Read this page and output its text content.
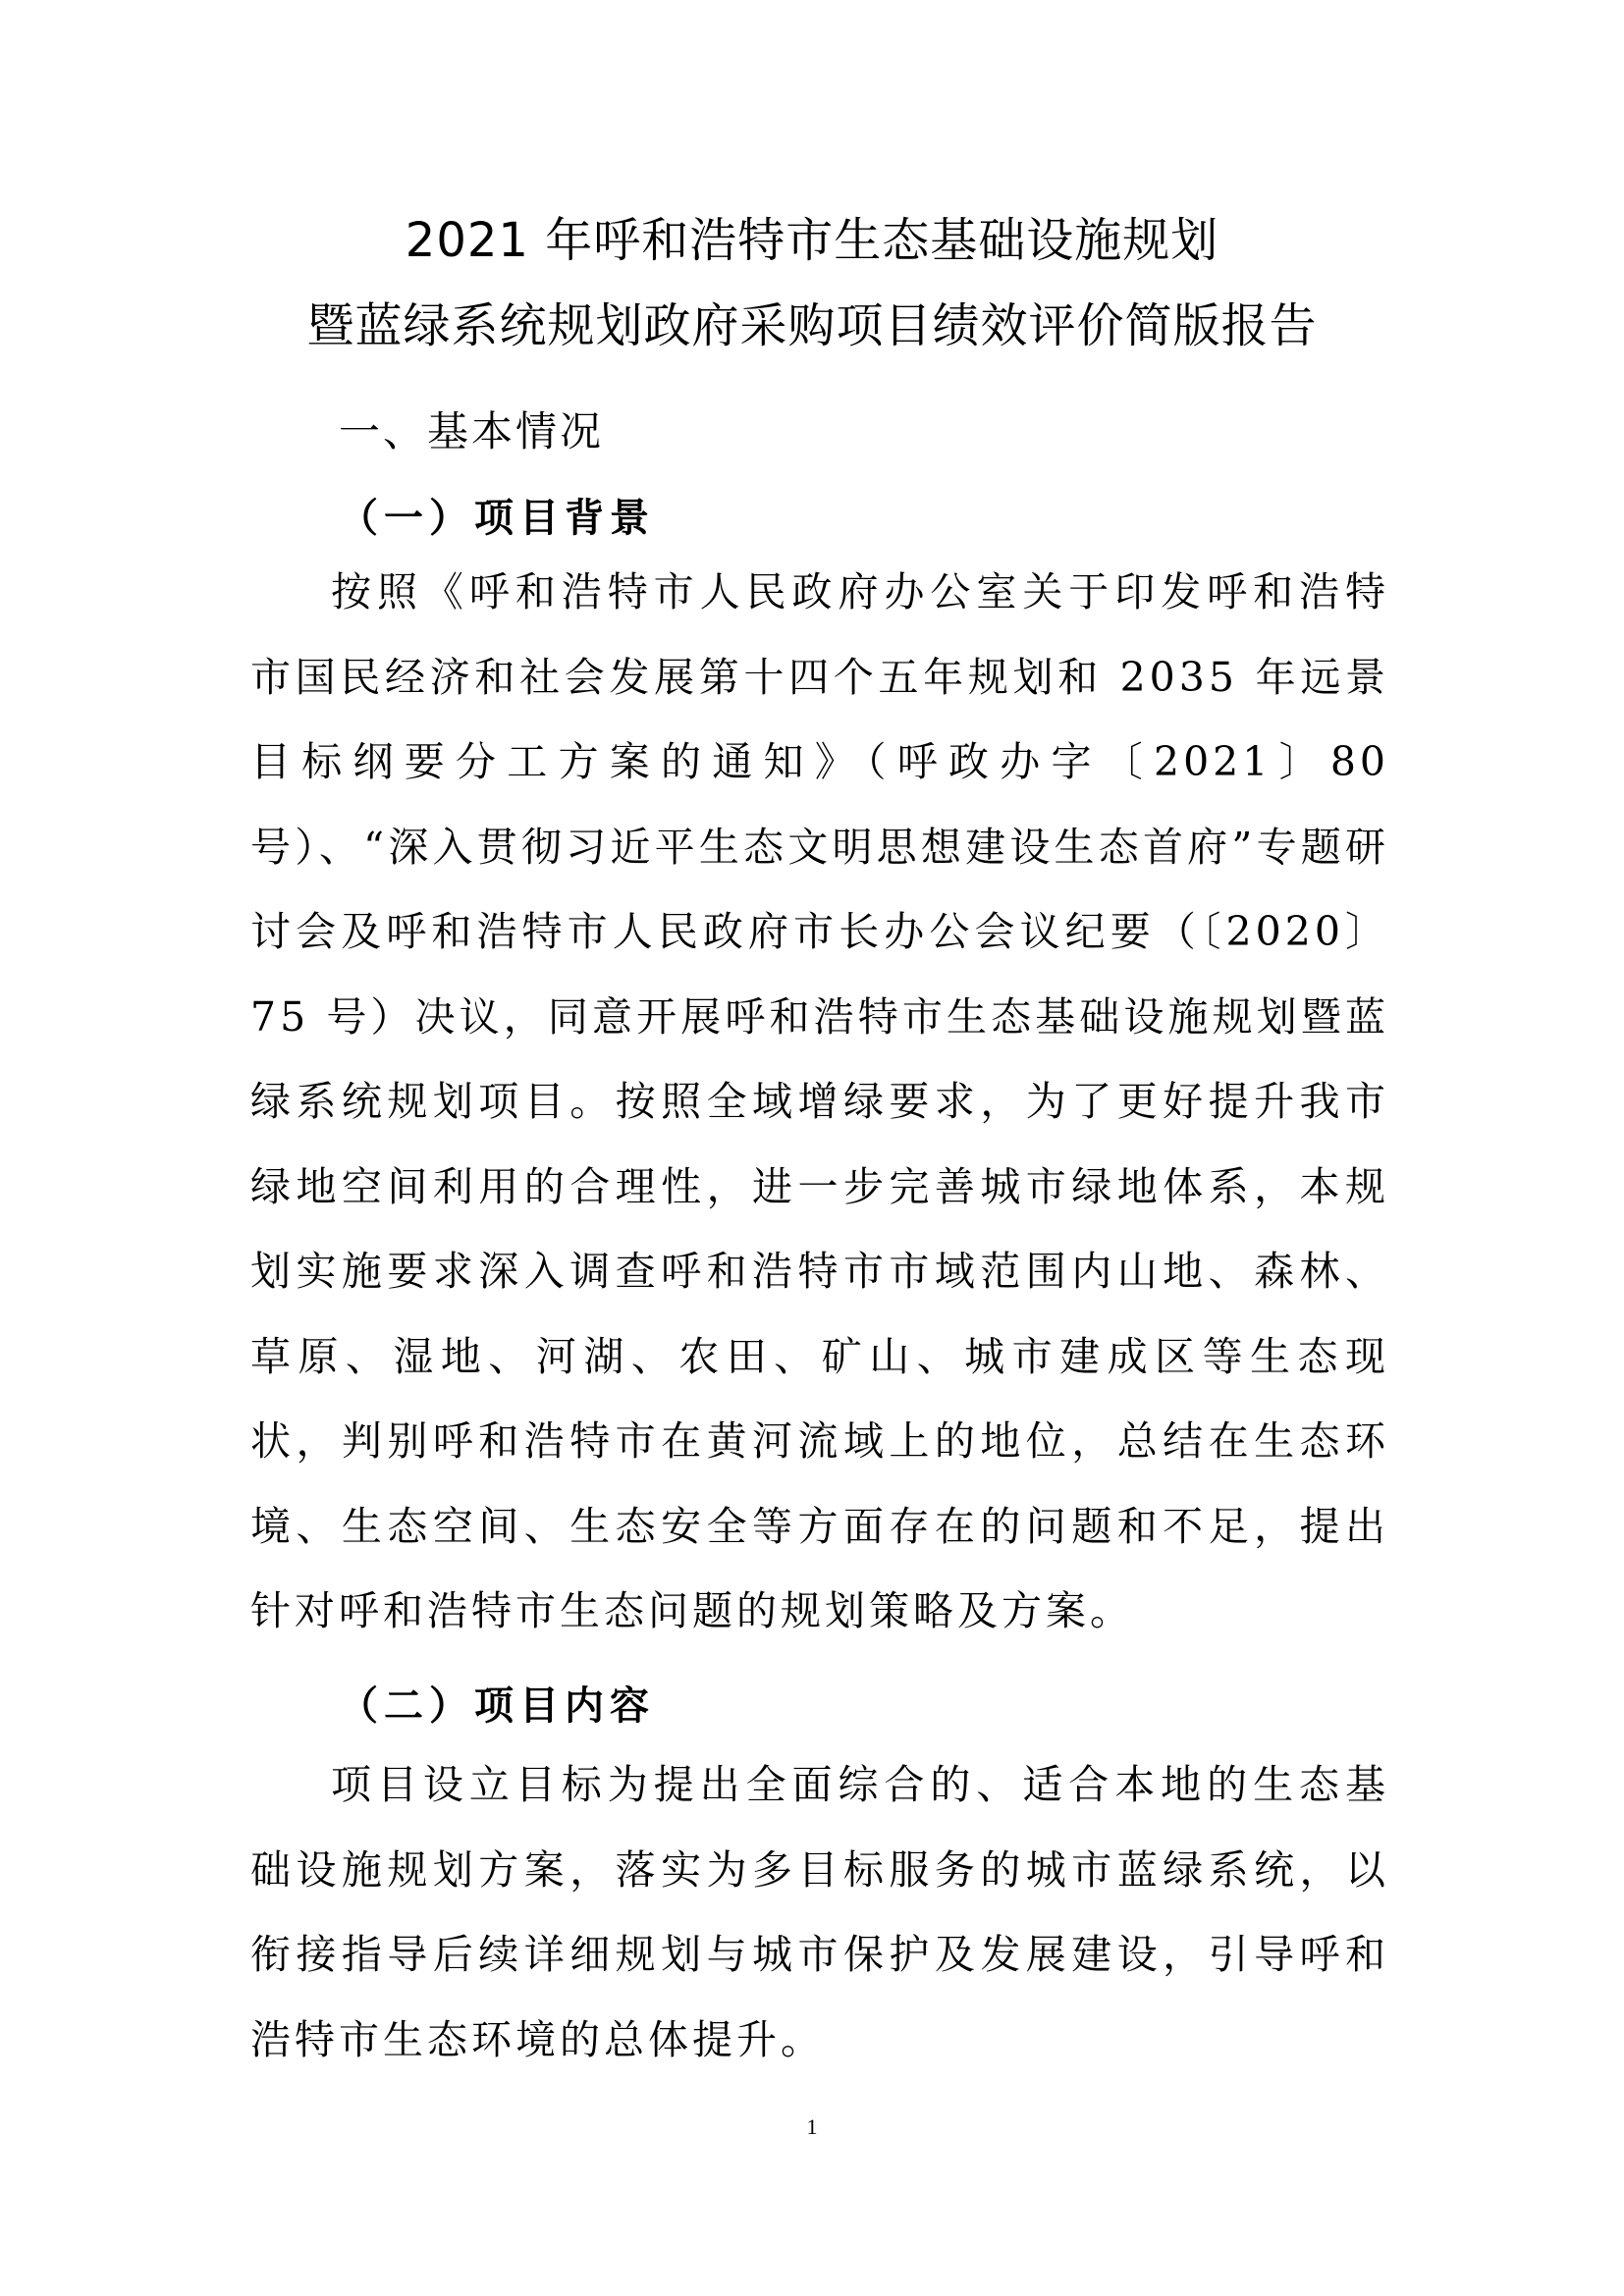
2021 年呼和浩特市生态基础设施规划
暨蓝绿系统规划政府采购项目绩效评价简版报告
一、基本情况
（一）项目背景

按照《呼和浩特市人民政府办公室关于印发呼和浩特市国民经济和社会发展第十四个五年规划和 2035 年远景目标纲要分工方案的通知》（呼政办字〔2021〕80 号）、“深入贯彻习近平生态文明思想建设生态首府”专题研讨会及呼和浩特市人民政府市长办公会议纪要（〔2020〕75 号）决议，同意开展呼和浩特市生态基础设施规划暨蓝绿系统规划项目。按照全域增绿要求，为了更好提升我市绿地空间利用的合理性，进一步完善城市绿地体系，本规划实施要求深入调查呼和浩特市市域范围内山地、森林、草原、湿地、河湖、农田、矿山、城市建成区等生态现状，判别呼和浩特市在黄河流域上的地位，总结在生态环境、生态空间、生态安全等方面存在的问题和不足，提出针对呼和浩特市生态问题的规划策略及方案。

（二）项目内容

项目设立目标为提出全面综合的、适合本地的生态基础设施规划方案，落实为多目标服务的城市蓝绿系统，以衔接指导后续详细规划与城市保护及发展建设，引导呼和浩特市生态环境的总体提升。

1
